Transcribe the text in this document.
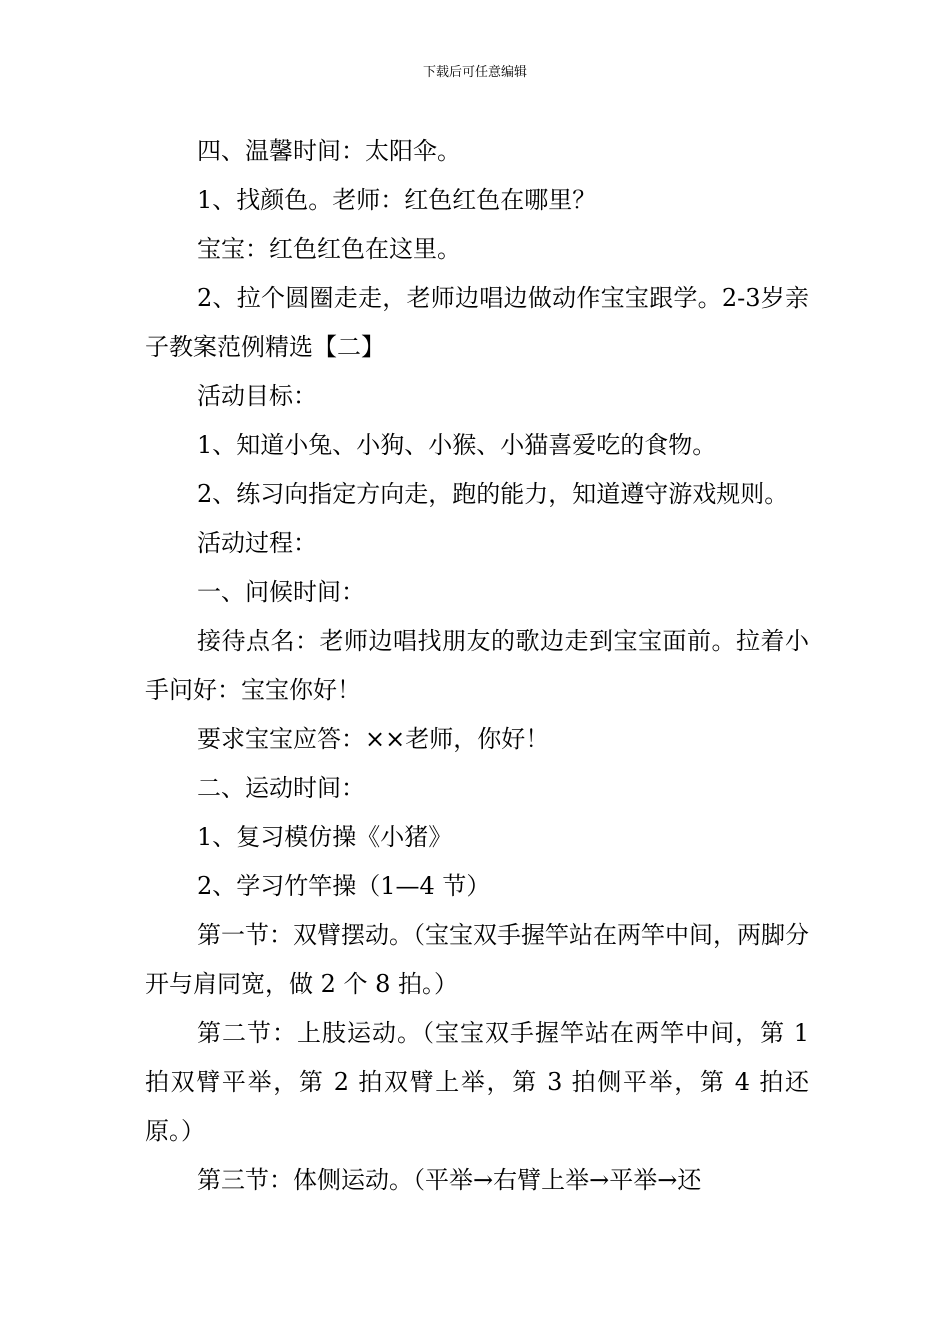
下载后可任意编辑

四、温馨时间：太阳伞。

1、找颜色。老师：红色红色在哪里？

宝宝：红色红色在这里。

2、拉个圆圈走走，老师边唱边做动作宝宝跟学。2-3岁亲子教案范例精选【二】

活动目标：

1、知道小兔、小狗、小猴、小猫喜爱吃的食物。

2、练习向指定方向走，跑的能力，知道遵守游戏规则。

活动过程：

一、问候时间：

接待点名：老师边唱找朋友的歌边走到宝宝面前。拉着小手问好：宝宝你好！

要求宝宝应答：××老师，你好！

二、运动时间：

1、复习模仿操《小猪》

2、学习竹竿操（1—4 节）

第一节：双臂摆动。（宝宝双手握竿站在两竿中间，两脚分开与肩同宽，做 2 个 8 拍。）

第二节：上肢运动。（宝宝双手握竿站在两竿中间，第 1 拍双臂平举，第 2 拍双臂上举，第 3 拍侧平举，第 4 拍还原。）

第三节：体侧运动。（平举→右臂上举→平举→还
